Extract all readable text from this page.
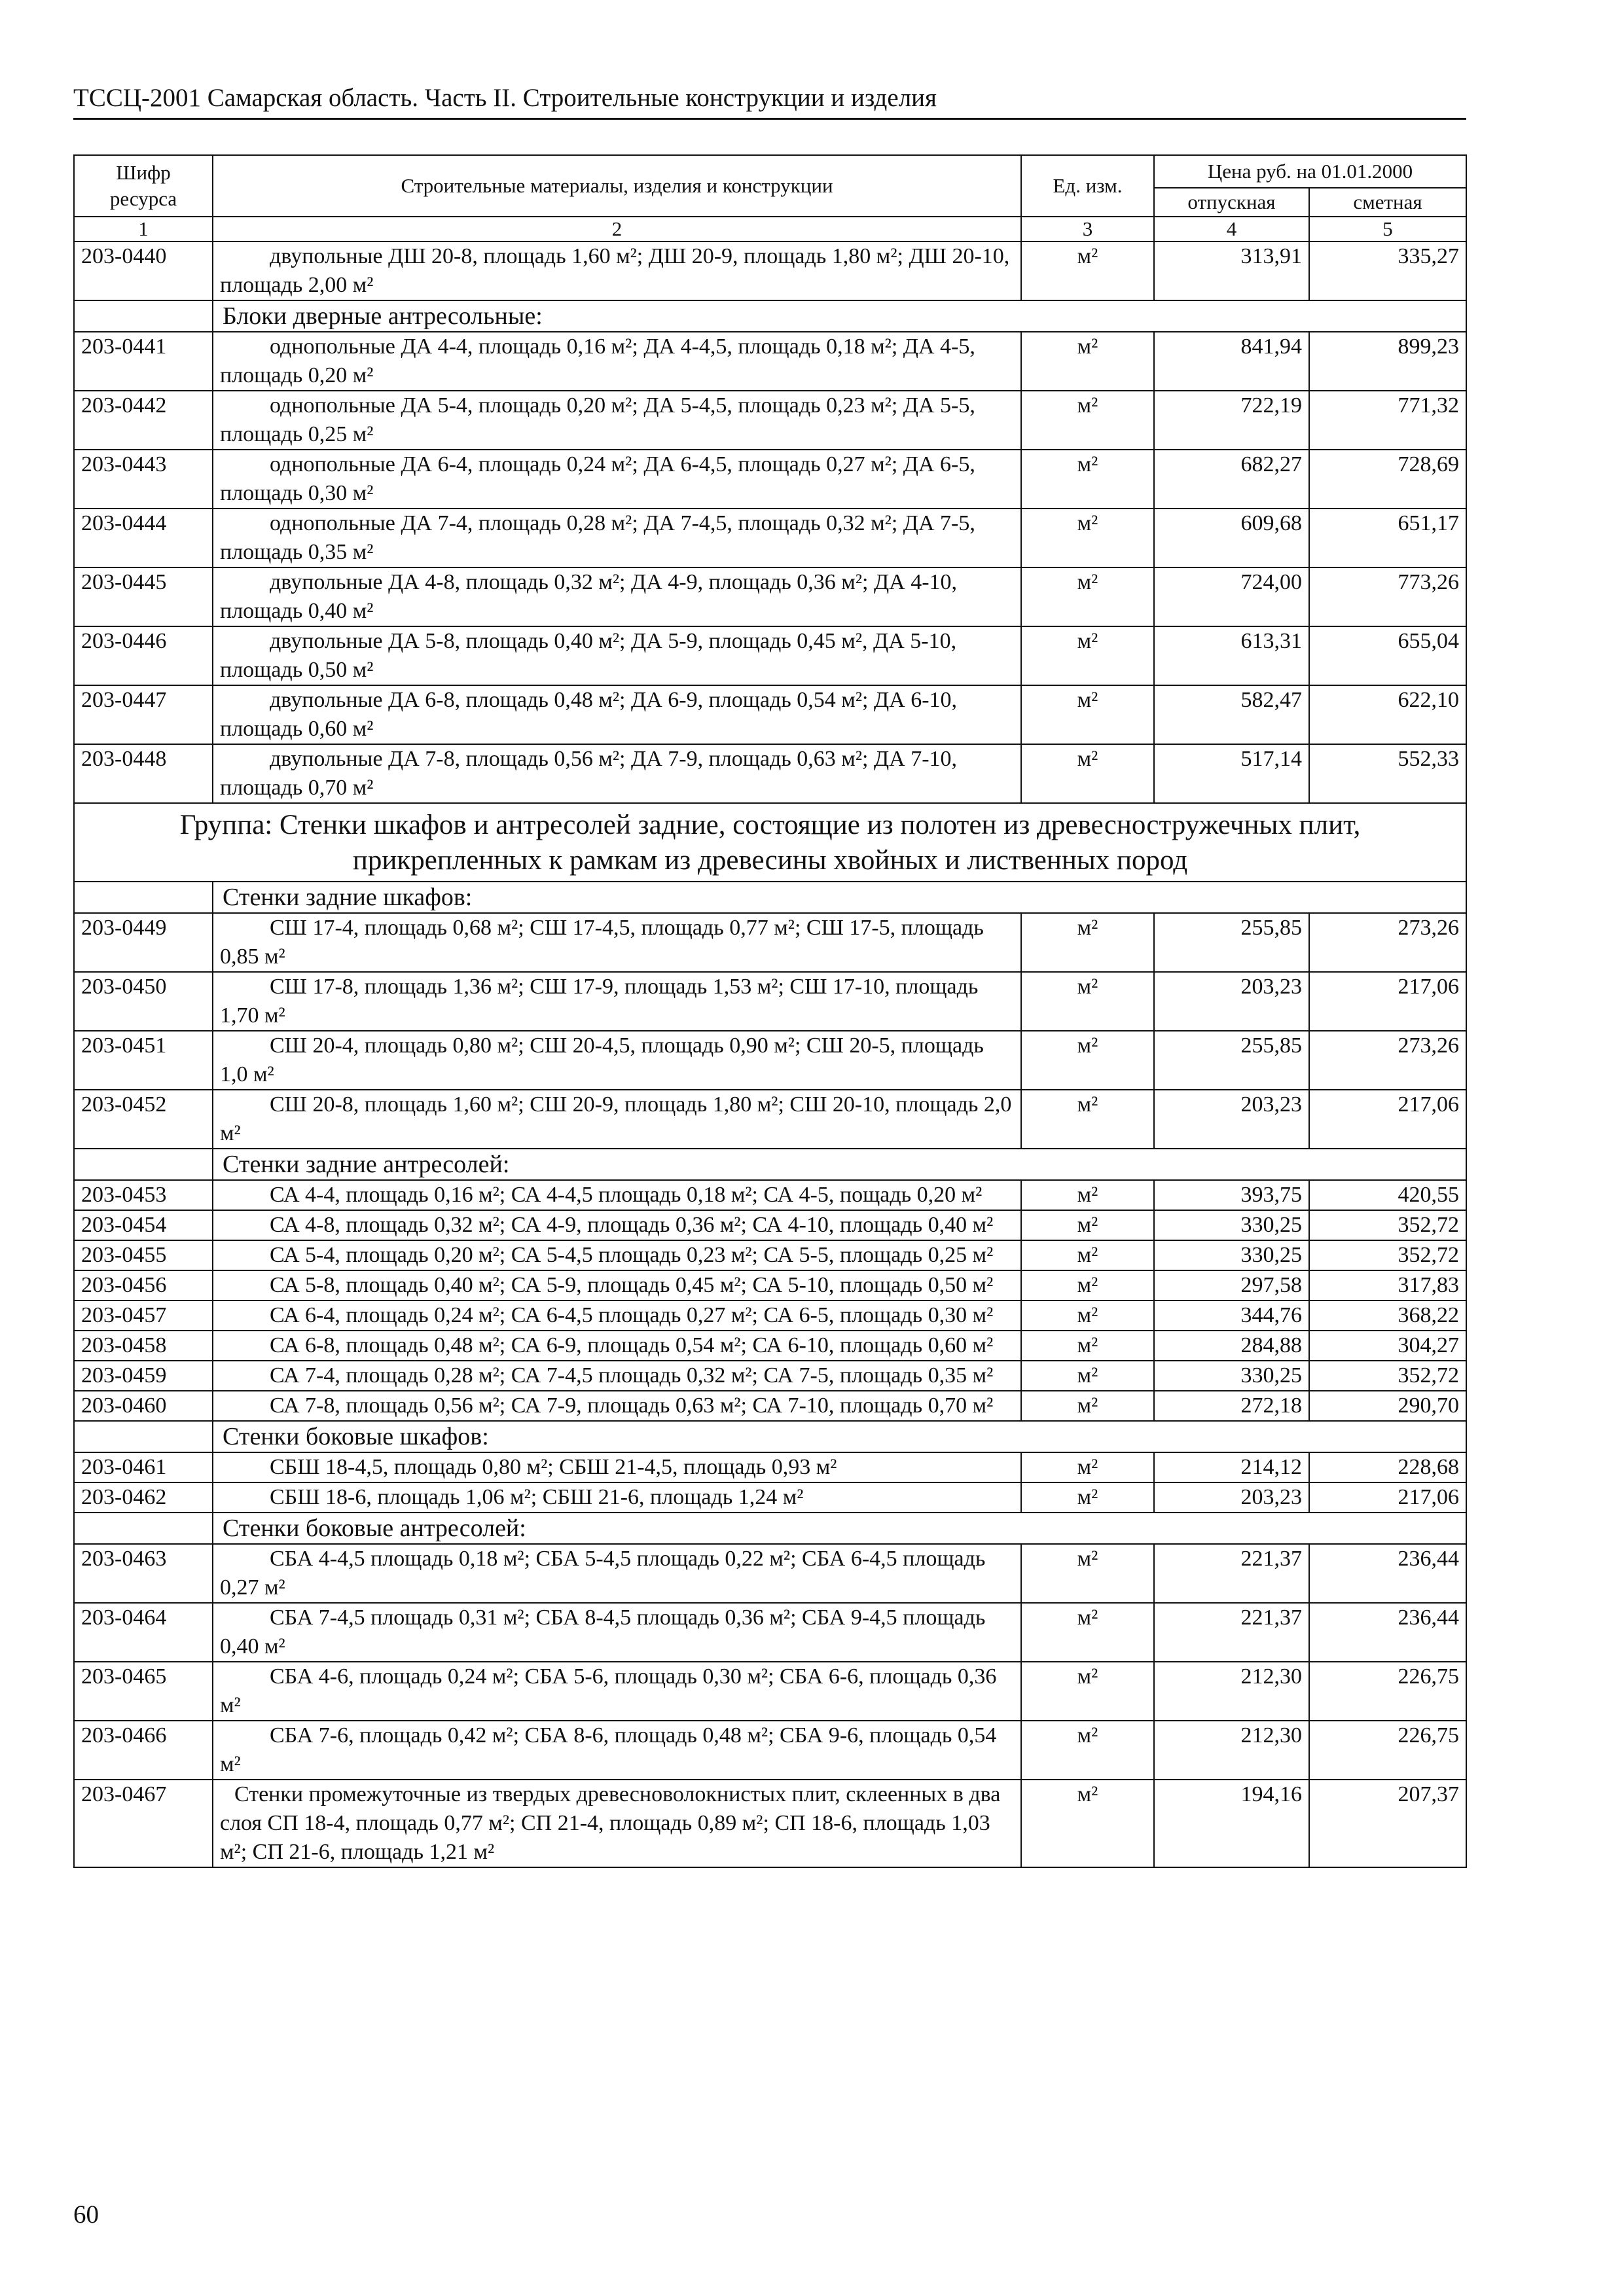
ТССЦ-2001 Самарская область. Часть II. Строительные конструкции и изделия
Шифр ресурса	Строительные материалы, изделия и конструкции	Ед. изм.	Цена руб. на 01.01.2000	
			отпускная	сметная
1	2	3	4	5
203-0440	двупольные ДШ 20-8, площадь 1,60 м²; ДШ 20-9, площадь 1,80 м²; ДШ 20-10, площадь 2,00 м²	м²	313,91	335,27
	Блоки дверные антресольные:			
203-0441	однопольные ДА 4-4, площадь 0,16 м²; ДА 4-4,5, площадь 0,18 м²; ДА 4-5, площадь 0,20 м²	м²	841,94	899,23
203-0442	однопольные ДА 5-4, площадь 0,20 м²; ДА 5-4,5, площадь 0,23 м²; ДА 5-5, площадь 0,25 м²	м²	722,19	771,32
203-0443	однопольные ДА 6-4, площадь 0,24 м²; ДА 6-4,5, площадь 0,27 м²; ДА 6-5, площадь 0,30 м²	м²	682,27	728,69
203-0444	однопольные ДА 7-4, площадь 0,28 м²; ДА 7-4,5, площадь 0,32 м²; ДА 7-5, площадь 0,35 м²	м²	609,68	651,17
203-0445	двупольные ДА 4-8, площадь 0,32 м²; ДА 4-9, площадь 0,36 м²; ДА 4-10, площадь 0,40 м²	м²	724,00	773,26
203-0446	двупольные ДА 5-8, площадь 0,40 м²; ДА 5-9, площадь 0,45 м², ДА 5-10, площадь 0,50 м²	м²	613,31	655,04
203-0447	двупольные ДА 6-8, площадь 0,48 м²; ДА 6-9, площадь 0,54 м²; ДА 6-10, площадь 0,60 м²	м²	582,47	622,10
203-0448	двупольные ДА 7-8, площадь 0,56 м²; ДА 7-9, площадь 0,63 м²; ДА 7-10, площадь 0,70 м²	м²	517,14	552,33
Группа: Стенки шкафов и антресолей задние, состоящие из полотен из древесностружечных плит, прикрепленных к рамкам из древесины хвойных и лиственных пород				
	Стенки задние шкафов:			
203-0449	СШ 17-4, площадь 0,68 м²; СШ 17-4,5, площадь 0,77 м²; СШ 17-5, площадь 0,85 м²	м²	255,85	273,26
203-0450	СШ 17-8, площадь 1,36 м²; СШ 17-9, площадь 1,53 м²; СШ 17-10, площадь 1,70 м²	м²	203,23	217,06
203-0451	СШ 20-4, площадь 0,80 м²; СШ 20-4,5, площадь 0,90 м²; СШ 20-5, площадь 1,0 м²	м²	255,85	273,26
203-0452	СШ 20-8, площадь 1,60 м²; СШ 20-9, площадь 1,80 м²; СШ 20-10, площадь 2,0 м²	м²	203,23	217,06
	Стенки задние антресолей:			
203-0453	СА 4-4, площадь 0,16 м²; СА 4-4,5 площадь 0,18 м²; СА 4-5, пощадь 0,20 м²	м²	393,75	420,55
203-0454	СА 4-8, площадь 0,32 м²; СА 4-9, площадь 0,36 м²; СА 4-10, площадь 0,40 м²	м²	330,25	352,72
203-0455	СА 5-4, площадь 0,20 м²; СА 5-4,5 площадь 0,23 м²; СА 5-5, площадь 0,25 м²	м²	330,25	352,72
203-0456	СА 5-8, площадь 0,40 м²; СА 5-9, площадь 0,45 м²; СА 5-10, площадь 0,50 м²	м²	297,58	317,83
203-0457	СА 6-4, площадь 0,24 м²; СА 6-4,5 площадь 0,27 м²; СА 6-5, площадь 0,30 м²	м²	344,76	368,22
203-0458	СА 6-8, площадь 0,48 м²; СА 6-9, площадь 0,54 м²; СА 6-10, площадь 0,60 м²	м²	284,88	304,27
203-0459	СА 7-4, площадь 0,28 м²; СА 7-4,5 площадь 0,32 м²; СА 7-5, площадь 0,35 м²	м²	330,25	352,72
203-0460	СА 7-8, площадь 0,56 м²; СА 7-9, площадь 0,63 м²; СА 7-10, площадь 0,70 м²	м²	272,18	290,70
	Стенки боковые шкафов:			
203-0461	СБШ 18-4,5, площадь 0,80 м²; СБШ 21-4,5, площадь 0,93 м²	м²	214,12	228,68
203-0462	СБШ 18-6, площадь 1,06 м²; СБШ 21-6, площадь 1,24 м²	м²	203,23	217,06
	Стенки боковые антресолей:			
203-0463	СБА 4-4,5 площадь 0,18 м²; СБА 5-4,5 площадь 0,22 м²; СБА 6-4,5 площадь 0,27 м²	м²	221,37	236,44
203-0464	СБА 7-4,5 площадь 0,31 м²; СБА 8-4,5 площадь 0,36 м²; СБА 9-4,5 площадь 0,40 м²	м²	221,37	236,44
203-0465	СБА 4-6, площадь 0,24 м²; СБА 5-6, площадь 0,30 м²; СБА 6-6, площадь 0,36 м²	м²	212,30	226,75
203-0466	СБА 7-6, площадь 0,42 м²; СБА 8-6, площадь 0,48 м²; СБА 9-6, площадь 0,54 м²	м²	212,30	226,75
203-0467	Стенки промежуточные из твердых древесноволокнистых плит, склеенных в два слоя СП 18-4, площадь 0,77 м²; СП 21-4, площадь 0,89 м²; СП 18-6, площадь 1,03 м²; СП 21-6, площадь 1,21 м²	м²	194,16	207,37
60
